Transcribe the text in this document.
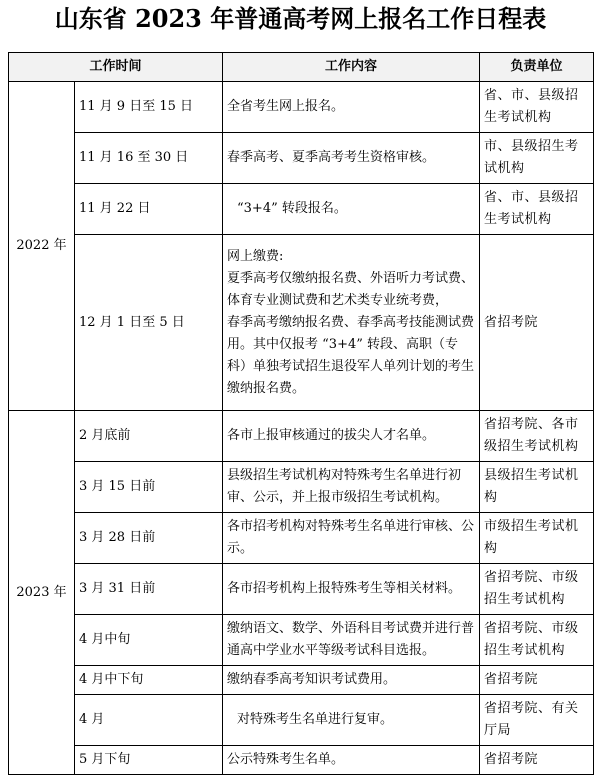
山东省 2023 年普通高考网上报名工作日程表
工作时间		工作内容	负责单位
2022 年	11 月 9 日至 15 日	全省考生网上报名。	省、市、县级招生考试机构
	11 月 16 至 30 日	春季高考、夏季高考考生资格审核。	市、县级招生考试机构
	11 月 22 日	“3+4” 转段报名。	省、市、县级招生考试机构
	12 月 1 日至 5 日	网上缴费:
夏季高考仅缴纳报名费、外语听力考试费、体育专业测试费和艺术类专业统考费，
春季高考缴纳报名费、春季高考技能测试费用。其中仅报考 “3+4” 转段、高职（专科）单独考试招生退役军人单列计划的考生缴纳报名费。	省招考院
2023 年	2 月底前	各市上报审核通过的拔尖人才名单。	省招考院、各市级招生考试机构
	3 月 15 日前	县级招生考试机构对特殊考生名单进行初审、公示，并上报市级招生考试机构。	县级招生考试机构
	3 月 28 日前	各市招考机构对特殊考生名单进行审核、公示。	市级招生考试机构
	3 月 31 日前	各市招考机构上报特殊考生等相关材料。	省招考院、市级招生考试机构
	4 月中旬	缴纳语文、数学、外语科目考试费并进行普通高中学业水平等级考试科目选报。	省招考院、市级招生考试机构
	4 月中下旬	缴纳春季高考知识考试费用。	省招考院
	4 月	对特殊考生名单进行复审。	省招考院、有关厅局
	5 月下旬	公示特殊考生名单。	省招考院
